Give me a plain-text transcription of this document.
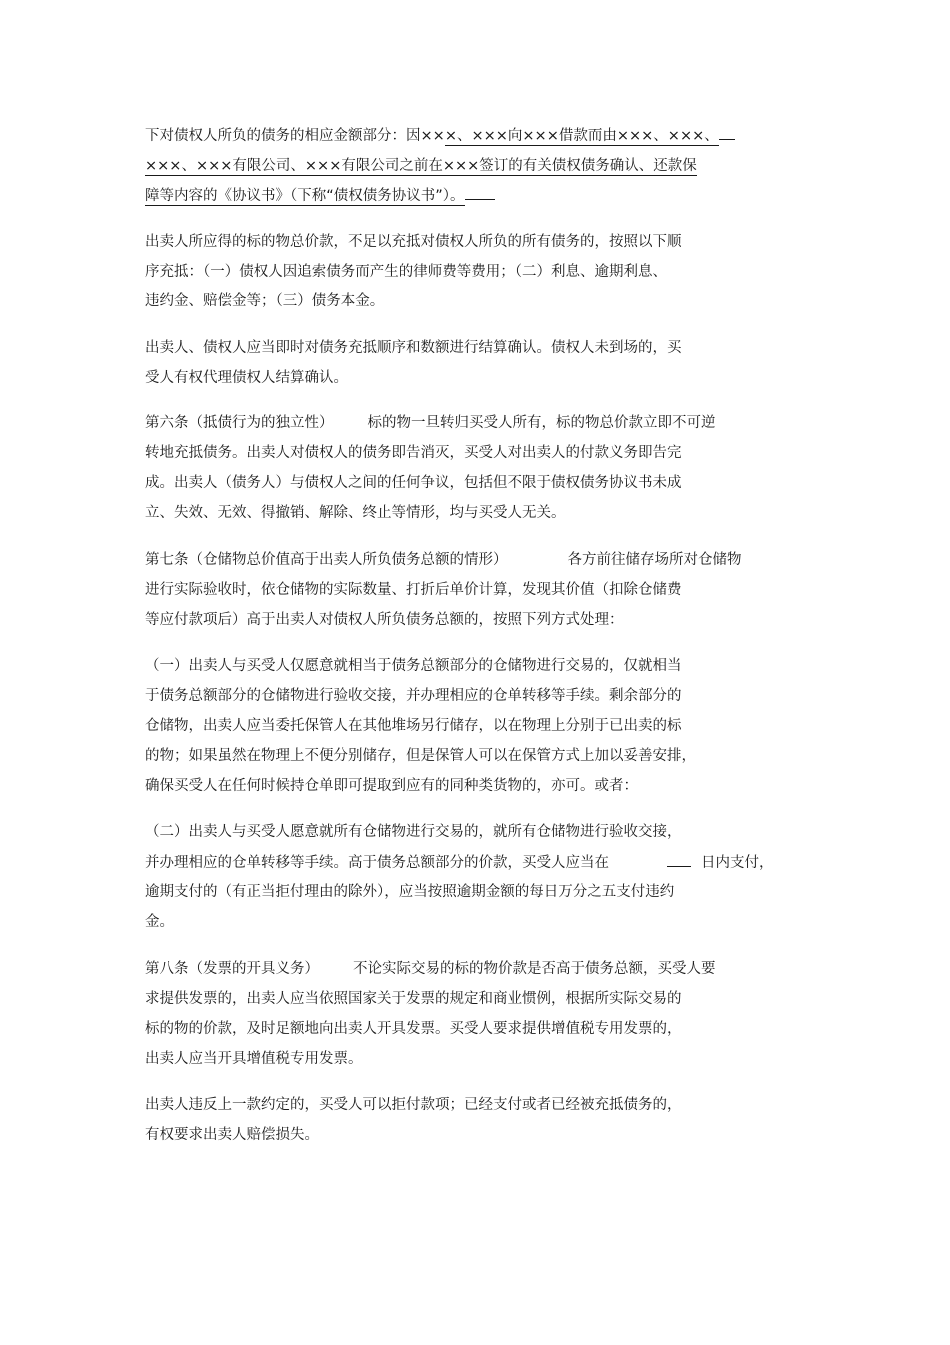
下对债权人所负的债务的相应金额部分：因×××、×××向×××借款而由×××、×××、
×××、×××有限公司、×××有限公司之前在×××签订的有关债权债务确认、还款保
障等内容的《协议书》（下称“债权债务协议书”）。
出卖人所应得的标的物总价款，不足以充抵对债权人所负的所有债务的，按照以下顺
序充抵：（一）债权人因追索债务而产生的律师费等费用；（二）利息、逾期利息、
违约金、赔偿金等；（三）债务本金。
出卖人、债权人应当即时对债务充抵顺序和数额进行结算确认。债权人未到场的，买
受人有权代理债权人结算确认。
第六条（抵债行为的独立性） 标的物一旦转归买受人所有，标的物总价款立即不可逆
转地充抵债务。出卖人对债权人的债务即告消灭，买受人对出卖人的付款义务即告完
成。出卖人（债务人）与债权人之间的任何争议，包括但不限于债权债务协议书未成
立、失效、无效、得撤销、解除、终止等情形，均与买受人无关。
第七条（仓储物总价值高于出卖人所负债务总额的情形）	各方前往储存场所对仓储物
进行实际验收时，依仓储物的实际数量、打折后单价计算，发现其价值（扣除仓储费
等应付款项后）高于出卖人对债权人所负债务总额的，按照下列方式处理：
（一）出卖人与买受人仅愿意就相当于债务总额部分的仓储物进行交易的，仅就相当
于债务总额部分的仓储物进行验收交接，并办理相应的仓单转移等手续。剩余部分的
仓储物，出卖人应当委托保管人在其他堆场另行储存，以在物理上分别于已出卖的标
的物；如果虽然在物理上不便分别储存，但是保管人可以在保管方式上加以妥善安排，
确保买受人在任何时候持仓单即可提取到应有的同种类货物的，亦可。或者：
（二）出卖人与买受人愿意就所有仓储物进行交易的，就所有仓储物进行验收交接，
并办理相应的仓单转移等手续。高于债务总额部分的价款，买受人应当在	日内支付，
逾期支付的（有正当拒付理由的除外），应当按照逾期金额的每日万分之五支付违约
金。
第八条（发票的开具义务） 不论实际交易的标的物价款是否高于债务总额，买受人要
求提供发票的，出卖人应当依照国家关于发票的规定和商业惯例，根据所实际交易的
标的物的价款，及时足额地向出卖人开具发票。买受人要求提供增值税专用发票的，
出卖人应当开具增值税专用发票。
出卖人违反上一款约定的，买受人可以拒付款项；已经支付或者已经被充抵债务的，
有权要求出卖人赔偿损失。
